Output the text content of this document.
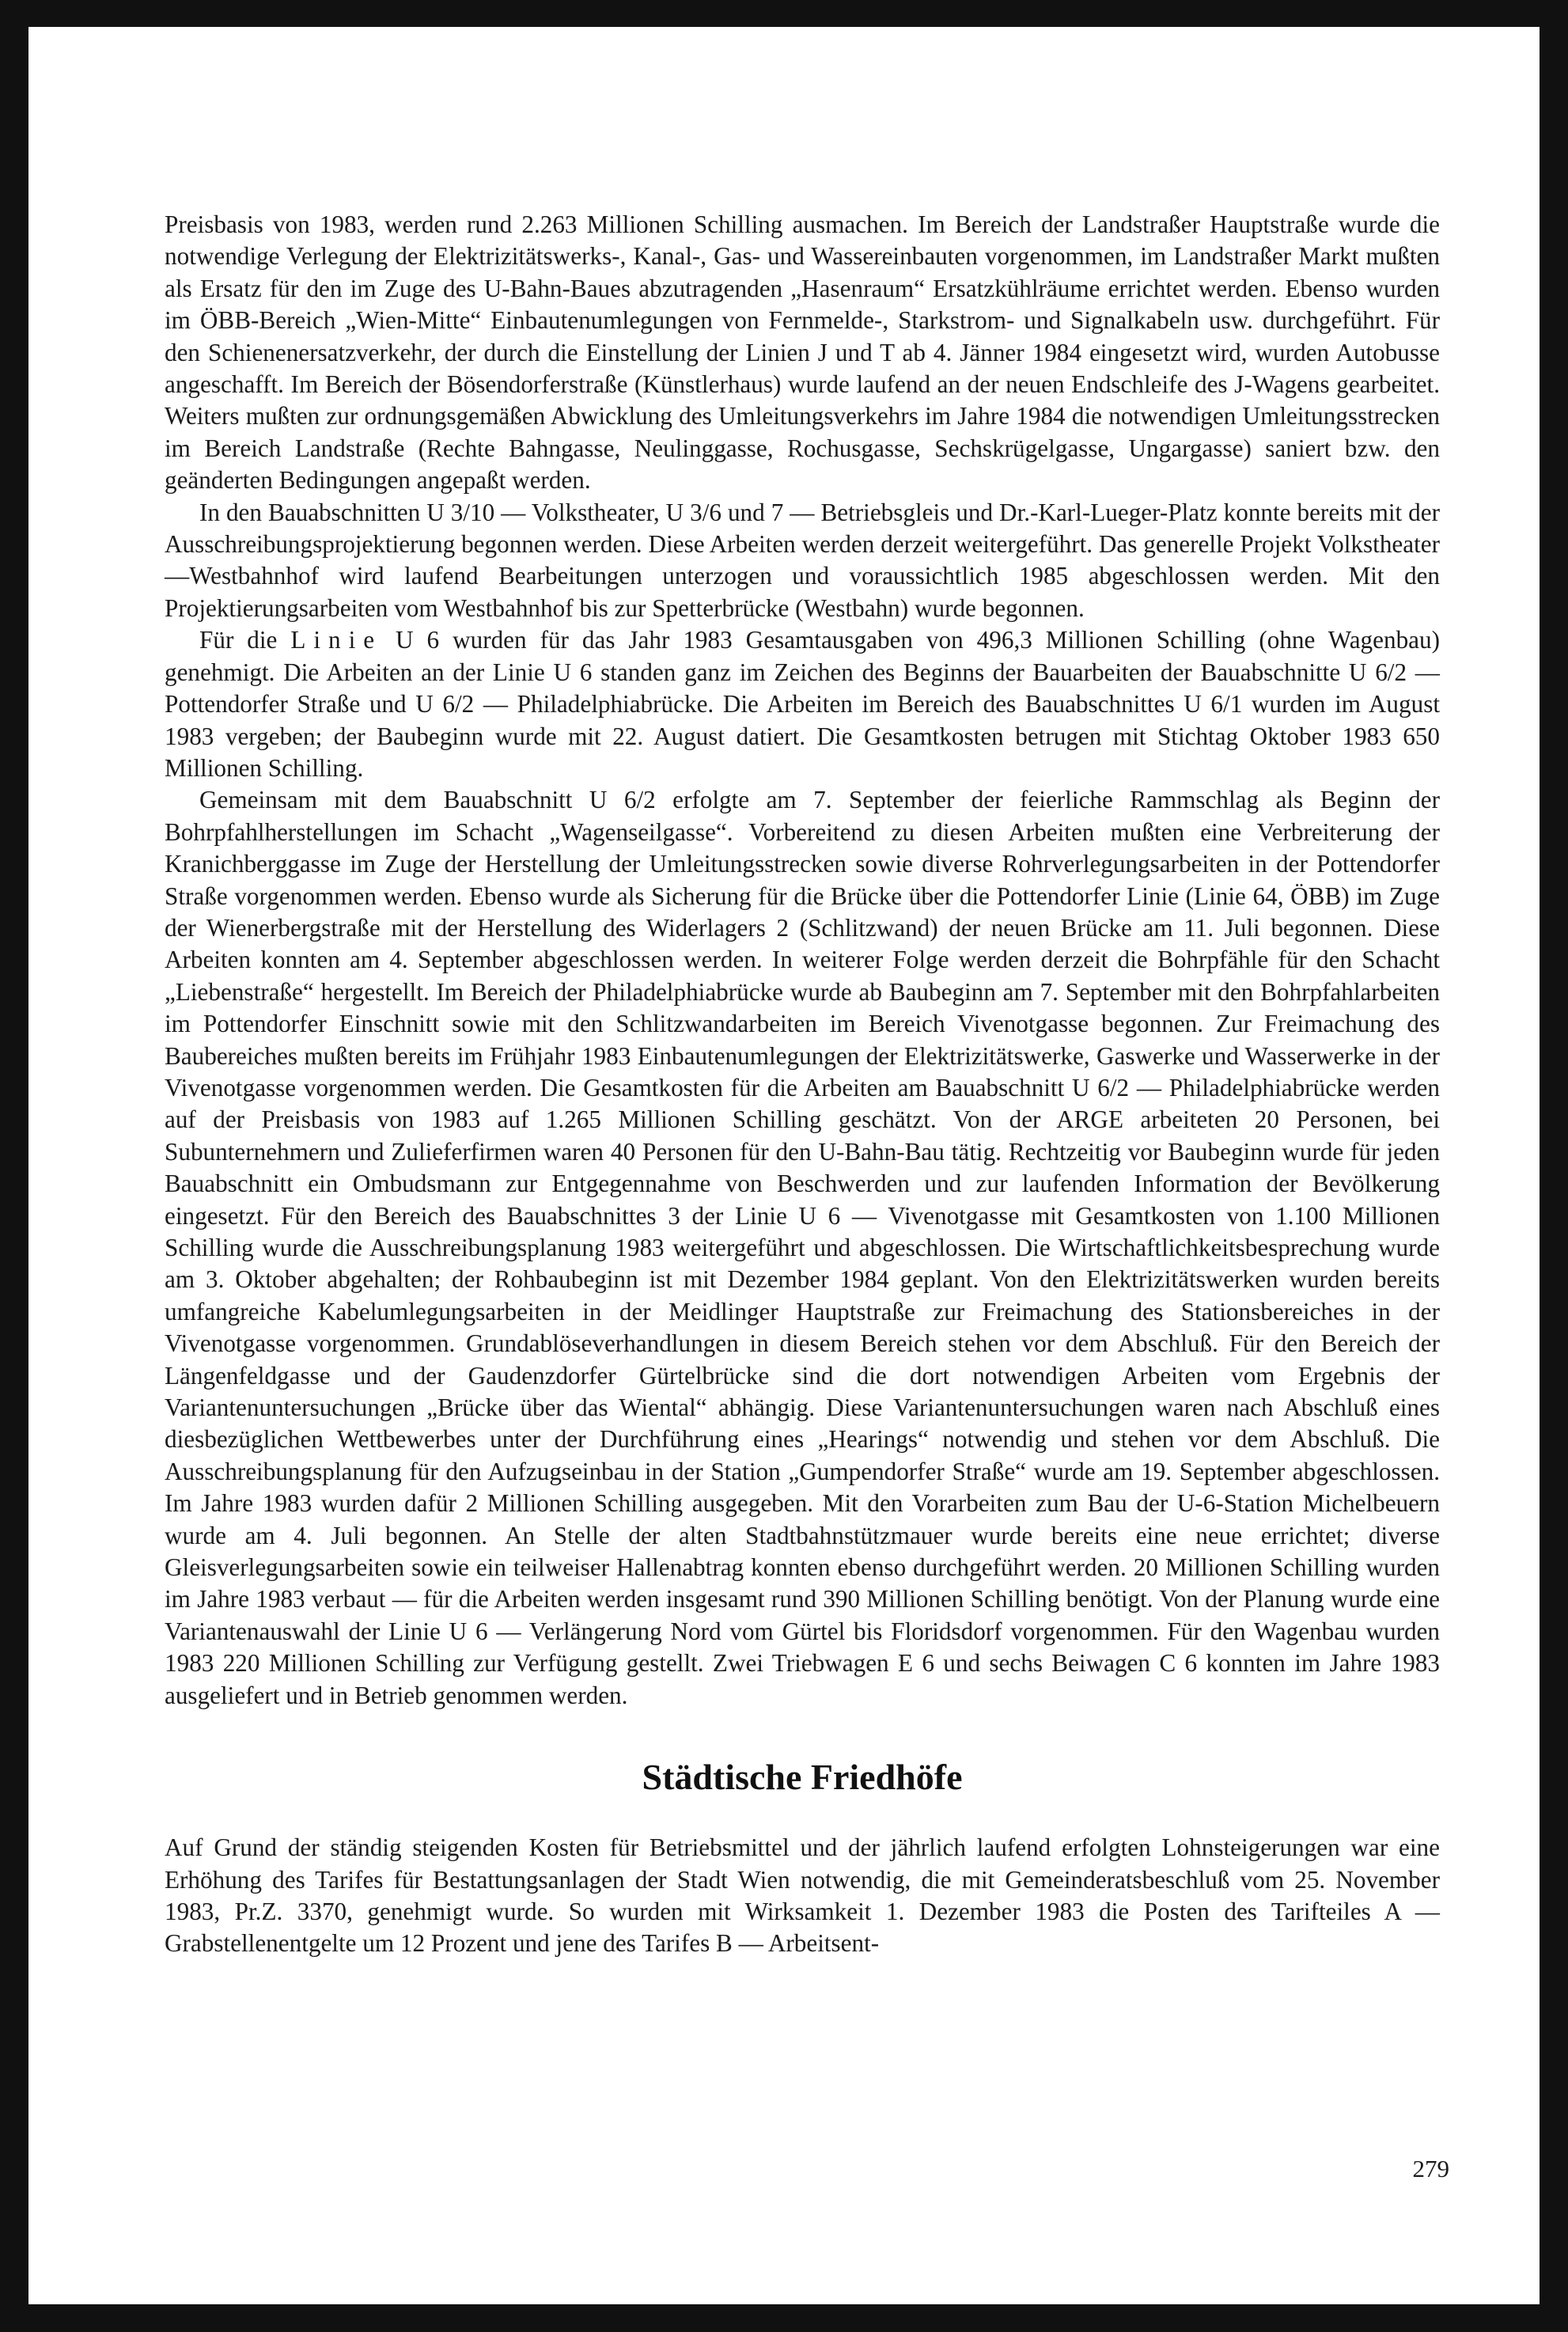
Preisbasis von 1983, werden rund 2.263 Millionen Schilling ausmachen. Im Bereich der Landstraßer Hauptstraße wurde die notwendige Verlegung der Elektrizitätswerks-, Kanal-, Gas- und Wassereinbauten vorgenommen, im Landstraßer Markt mußten als Ersatz für den im Zuge des U-Bahn-Baues abzutragenden „Hasenraum“ Ersatzkühlräume errichtet werden. Ebenso wurden im ÖBB-Bereich „Wien-Mitte“ Einbautenumlegungen von Fernmelde-, Starkstrom- und Signalkabeln usw. durchgeführt. Für den Schienenersatzverkehr, der durch die Einstellung der Linien J und T ab 4. Jänner 1984 eingesetzt wird, wurden Autobusse angeschafft. Im Bereich der Bösendorferstraße (Künstlerhaus) wurde laufend an der neuen Endschleife des J-Wagens gearbeitet. Weiters mußten zur ordnungsgemäßen Abwicklung des Umleitungsverkehrs im Jahre 1984 die notwendigen Umleitungsstrecken im Bereich Landstraße (Rechte Bahngasse, Neulinggasse, Rochusgasse, Sechskrügelgasse, Ungargasse) saniert bzw. den geänderten Bedingungen angepaßt werden.

In den Bauabschnitten U 3/10 — Volkstheater, U 3/6 und 7 — Betriebsgleis und Dr.-Karl-Lueger-Platz konnte bereits mit der Ausschreibungsprojektierung begonnen werden. Diese Arbeiten werden derzeit weitergeführt. Das generelle Projekt Volkstheater—Westbahnhof wird laufend Bearbeitungen unterzogen und voraussichtlich 1985 abgeschlossen werden. Mit den Projektierungsarbeiten vom Westbahnhof bis zur Spetterbrücke (Westbahn) wurde begonnen.

Für die Linie U 6 wurden für das Jahr 1983 Gesamtausgaben von 496,3 Millionen Schilling (ohne Wagenbau) genehmigt. Die Arbeiten an der Linie U 6 standen ganz im Zeichen des Beginns der Bauarbeiten der Bauabschnitte U 6/2 — Pottendorfer Straße und U 6/2 — Philadelphiabrücke. Die Arbeiten im Bereich des Bauabschnittes U 6/1 wurden im August 1983 vergeben; der Baubeginn wurde mit 22. August datiert. Die Gesamtkosten betrugen mit Stichtag Oktober 1983 650 Millionen Schilling.

Gemeinsam mit dem Bauabschnitt U 6/2 erfolgte am 7. September der feierliche Rammschlag als Beginn der Bohrpfahlherstellungen im Schacht „Wagenseilgasse“. Vorbereitend zu diesen Arbeiten mußten eine Verbreiterung der Kranichberggasse im Zuge der Herstellung der Umleitungsstrecken sowie diverse Rohrverlegungsarbeiten in der Pottendorfer Straße vorgenommen werden. Ebenso wurde als Sicherung für die Brücke über die Pottendorfer Linie (Linie 64, ÖBB) im Zuge der Wienerbergstraße mit der Herstellung des Widerlagers 2 (Schlitzwand) der neuen Brücke am 11. Juli begonnen. Diese Arbeiten konnten am 4. September abgeschlossen werden. In weiterer Folge werden derzeit die Bohrpfähle für den Schacht „Liebenstraße“ hergestellt. Im Bereich der Philadelphiabrücke wurde ab Baubeginn am 7. September mit den Bohrpfahlarbeiten im Pottendorfer Einschnitt sowie mit den Schlitzwandarbeiten im Bereich Vivenotgasse begonnen. Zur Freimachung des Baubereiches mußten bereits im Frühjahr 1983 Einbautenumlegungen der Elektrizitätswerke, Gaswerke und Wasserwerke in der Vivenotgasse vorgenommen werden. Die Gesamtkosten für die Arbeiten am Bauabschnitt U 6/2 — Philadelphiabrücke werden auf der Preisbasis von 1983 auf 1.265 Millionen Schilling geschätzt. Von der ARGE arbeiteten 20 Personen, bei Subunternehmern und Zulieferfirmen waren 40 Personen für den U-Bahn-Bau tätig. Rechtzeitig vor Baubeginn wurde für jeden Bauabschnitt ein Ombudsmann zur Entgegennahme von Beschwerden und zur laufenden Information der Bevölkerung eingesetzt. Für den Bereich des Bauabschnittes 3 der Linie U 6 — Vivenotgasse mit Gesamtkosten von 1.100 Millionen Schilling wurde die Ausschreibungsplanung 1983 weitergeführt und abgeschlossen. Die Wirtschaftlichkeitsbesprechung wurde am 3. Oktober abgehalten; der Rohbaubeginn ist mit Dezember 1984 geplant. Von den Elektrizitätswerken wurden bereits umfangreiche Kabelumlegungsarbeiten in der Meidlinger Hauptstraße zur Freimachung des Stationsbereiches in der Vivenotgasse vorgenommen. Grundablöseverhandlungen in diesem Bereich stehen vor dem Abschluß. Für den Bereich der Längenfeldgasse und der Gaudenzdorfer Gürtelbrücke sind die dort notwendigen Arbeiten vom Ergebnis der Variantenuntersuchungen „Brücke über das Wiental“ abhängig. Diese Variantenuntersuchungen waren nach Abschluß eines diesbezüglichen Wettbewerbes unter der Durchführung eines „Hearings“ notwendig und stehen vor dem Abschluß. Die Ausschreibungsplanung für den Aufzugseinbau in der Station „Gumpendorfer Straße“ wurde am 19. September abgeschlossen. Im Jahre 1983 wurden dafür 2 Millionen Schilling ausgegeben. Mit den Vorarbeiten zum Bau der U-6-Station Michelbeuern wurde am 4. Juli begonnen. An Stelle der alten Stadtbahnstützmauer wurde bereits eine neue errichtet; diverse Gleisverlegungsarbeiten sowie ein teilweiser Hallenabtrag konnten ebenso durchgeführt werden. 20 Millionen Schilling wurden im Jahre 1983 verbaut — für die Arbeiten werden insgesamt rund 390 Millionen Schilling benötigt. Von der Planung wurde eine Variantenauswahl der Linie U 6 — Verlängerung Nord vom Gürtel bis Floridsdorf vorgenommen. Für den Wagenbau wurden 1983 220 Millionen Schilling zur Verfügung gestellt. Zwei Triebwagen E 6 und sechs Beiwagen C 6 konnten im Jahre 1983 ausgeliefert und in Betrieb genommen werden.

Städtische Friedhöfe

Auf Grund der ständig steigenden Kosten für Betriebsmittel und der jährlich laufend erfolgten Lohnsteigerungen war eine Erhöhung des Tarifes für Bestattungsanlagen der Stadt Wien notwendig, die mit Gemeinderatsbeschluß vom 25. November 1983, Pr.Z. 3370, genehmigt wurde. So wurden mit Wirksamkeit 1. Dezember 1983 die Posten des Tarifteiles A — Grabstellenentgelte um 12 Prozent und jene des Tarifes B — Arbeitsent-

279
